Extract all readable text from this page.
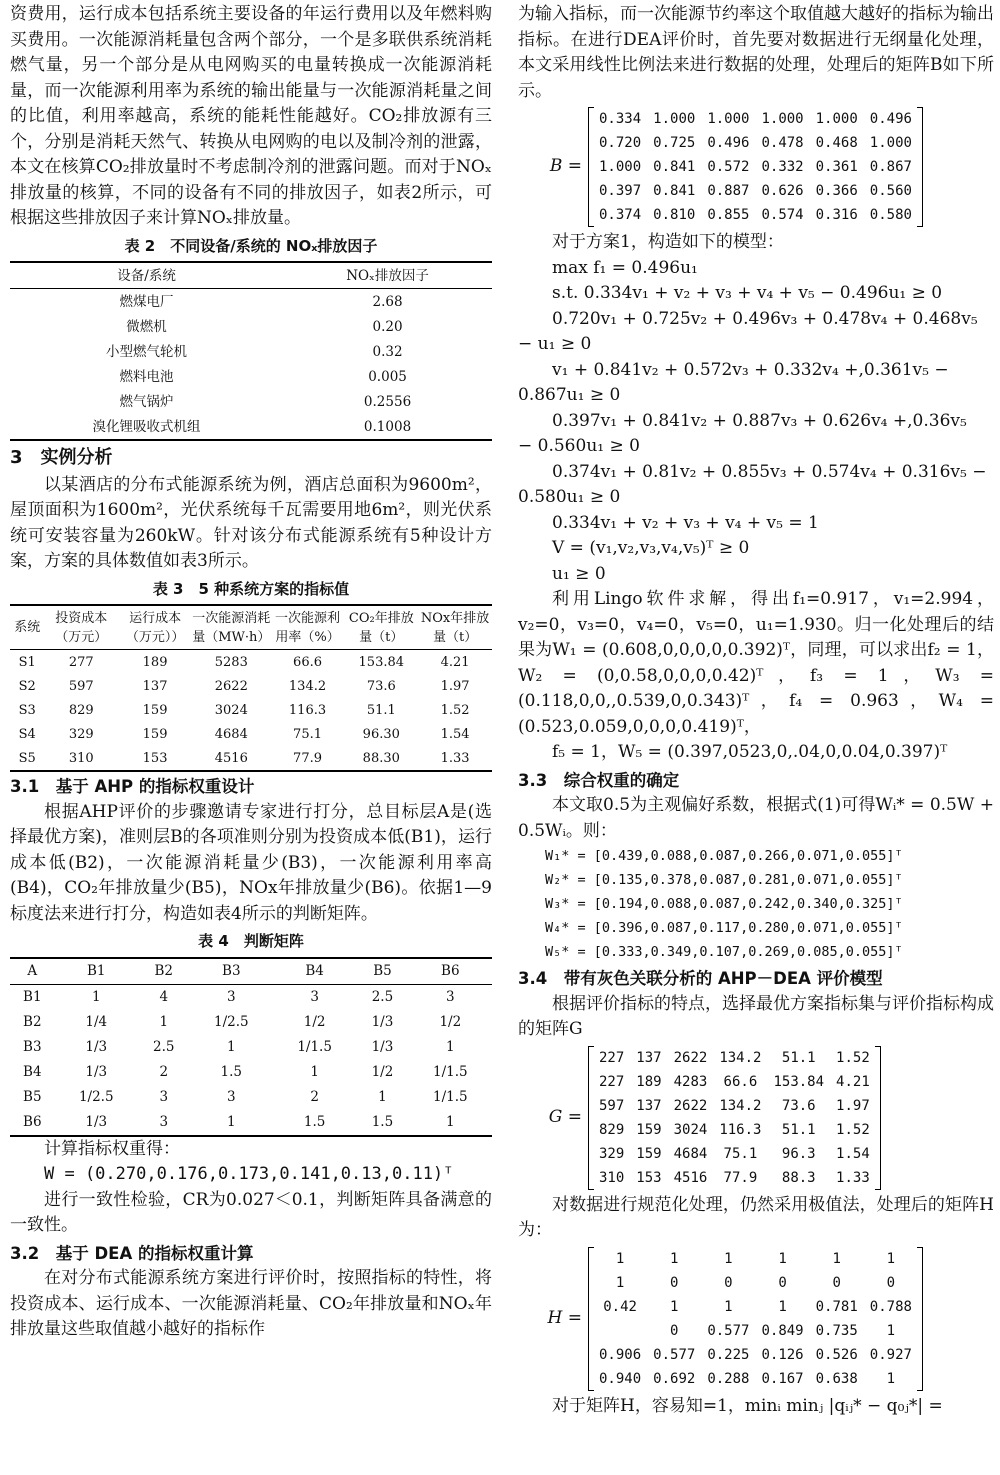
资费用，运行成本包括系统主要设备的年运行费用以及年燃料购买费用。一次能源消耗量包含两个部分，一个是多联供系统消耗燃气量，另一个部分是从电网购买的电量转换成一次能源消耗量，而一次能源利用率为系统的输出能量与一次能源消耗量之间的比值，利用率越高，系统的能耗性能越好。CO₂排放源有三个，分别是消耗天然气、转换从电网购的电以及制冷剂的泄露，本文在核算CO₂排放量时不考虑制冷剂的泄露问题。而对于NOₓ排放量的核算，不同的设备有不同的排放因子，如表2所示，可根据这些排放因子来计算NOₓ排放量。

表 2　不同设备/系统的 NOₓ排放因子
设备/系统	NOₓ排放因子
燃煤电厂	2.68
微燃机	0.20
小型燃气轮机	0.32
燃料电池	0.005
燃气锅炉	0.2556
溴化锂吸收式机组	0.1008
3　实例分析

以某酒店的分布式能源系统为例，酒店总面积为9600m²，屋顶面积为1600m²，光伏系统每千瓦需要用地6m²，则光伏系统可安装容量为260kW。针对该分布式能源系统有5种设计方案，方案的具体数值如表3所示。

表 3　5 种系统方案的指标值
系统	投资成本（万元）	运行成本（万元））	一次能源消耗量（MW·h）	一次能源利用率（%）	CO₂年排放量（t）	NOx年排放量（t）
S1	277	189	5283	66.6	153.84	4.21
S2	597	137	2622	134.2	73.6	1.97
S3	829	159	3024	116.3	51.1	1.52
S4	329	159	4684	75.1	96.30	1.54
S5	310	153	4516	77.9	88.30	1.33
3.1　基于 AHP 的指标权重设计

根据AHP评价的步骤邀请专家进行打分，总目标层A是(选择最优方案)，准则层B的各项准则分别为投资成本低(B1)，运行成本低(B2)，一次能源消耗量少(B3)，一次能源利用率高(B4)，CO₂年排放量少(B5)，NOx年排放量少(B6)。依据1—9标度法来进行打分，构造如表4所示的判断矩阵。

表 4　判断矩阵
A	B1	B2	B3	B4	B5	B6
B1	1	4	3	3	2.5	3
B2	1/4	1	1/2.5	1/2	1/3	1/2
B3	1/3	2.5	1	1/1.5	1/3	1
B4	1/3	2	1.5	1	1/2	1/1.5
B5	1/2.5	3	3	2	1	1/1.5
B6	1/3	3	1	1.5	1.5	1

计算指标权重得：

W = (0.270,0.176,0.173,0.141,0.13,0.11)ᵀ

进行一致性检验，CR为0.027＜0.1，判断矩阵具备满意的一致性。

3.2　基于 DEA 的指标权重计算

在对分布式能源系统方案进行评价时，按照指标的特性，将投资成本、运行成本、一次能源消耗量、CO₂年排放量和NOₓ年排放量这些取值越小越好的指标作

为输入指标，而一次能源节约率这个取值越大越好的指标为输出指标。在进行DEA评价时，首先要对数据进行无纲量化处理，本文采用线性比例法来进行数据的处理，处理后的矩阵B如下所示。

B =
0.334	1.000	1.000	1.000	1.000	0.496
0.720	0.725	0.496	0.478	0.468	1.000
1.000	0.841	0.572	0.332	0.361	0.867
0.397	0.841	0.887	0.626	0.366	0.560
0.374	0.810	0.855	0.574	0.316	0.580

对于方案1，构造如下的模型：

max f₁ = 0.496u₁

s.t. 0.334v₁ + v₂ + v₃ + v₄ + v₅ − 0.496u₁ ≥ 0

0.720v₁ + 0.725v₂ + 0.496v₃ + 0.478v₄ + 0.468v₅

− u₁ ≥ 0

v₁ + 0.841v₂ + 0.572v₃ + 0.332v₄ +,0.361v₅ −

0.867u₁ ≥ 0

0.397v₁ + 0.841v₂ + 0.887v₃ + 0.626v₄ +,0.36v₅

− 0.560u₁ ≥ 0

0.374v₁ + 0.81v₂ + 0.855v₃ + 0.574v₄ + 0.316v₅ −

0.580u₁ ≥ 0

0.334v₁ + v₂ + v₃ + v₄ + v₅ = 1

V = (v₁,v₂,v₃,v₄,v₅)ᵀ ≥ 0

u₁ ≥ 0

利用Lingo软件求解，得出f₁=0.917，v₁=2.994，v₂=0，v₃=0，v₄=0，v₅=0，u₁=1.930。归一化处理后的结果为W₁ = (0.608,0,0,0,0,0.392)ᵀ，同理，可以求出f₂ = 1，W₂ = (0,0.58,0,0,0,0.42)ᵀ，f₃ = 1，W₃ = (0.118,0,0,,0.539,0,0.343)ᵀ，f₄ = 0.963，W₄ = (0.523,0.059,0,0,0,0.419)ᵀ，

f₅ = 1，W₅ = (0.397,0523,0,.04,0,0.04,0.397)ᵀ

3.3　综合权重的确定

本文取0.5为主观偏好系数，根据式(1)可得Wᵢ* = 0.5W + 0.5Wᵢ。则：

W₁* = [0.439,0.088,0.087,0.266,0.071,0.055]ᵀ
W₂* = [0.135,0.378,0.087,0.281,0.071,0.055]ᵀ
W₃* = [0.194,0.088,0.087,0.242,0.340,0.325]ᵀ
W₄* = [0.396,0.087,0.117,0.280,0.071,0.055]ᵀ
W₅* = [0.333,0.349,0.107,0.269,0.085,0.055]ᵀ
3.4　带有灰色关联分析的 AHP－DEA 评价模型

根据评价指标的特点，选择最优方案指标集与评价指标构成的矩阵G

G =
227	137	2622	134.2	51.1	1.52
227	189	4283	66.6	153.84	4.21
597	137	2622	134.2	73.6	1.97
829	159	3024	116.3	51.1	1.52
329	159	4684	75.1	96.3	1.54
310	153	4516	77.9	88.3	1.33

对数据进行规范化处理，仍然采用极值法，处理后的矩阵H为：

H =
1	1	1	1	1	1
1	0	0	0	0	0
0.42	1	1	1	0.781	0.788
	0	0.577	0.849	0.735	1
0.906	0.577	0.225	0.126	0.526	0.927
0.940	0.692	0.288	0.167	0.638	1

对于矩阵H，容易知=1，minᵢ minⱼ |qᵢⱼ* − q₀ⱼ*| =
